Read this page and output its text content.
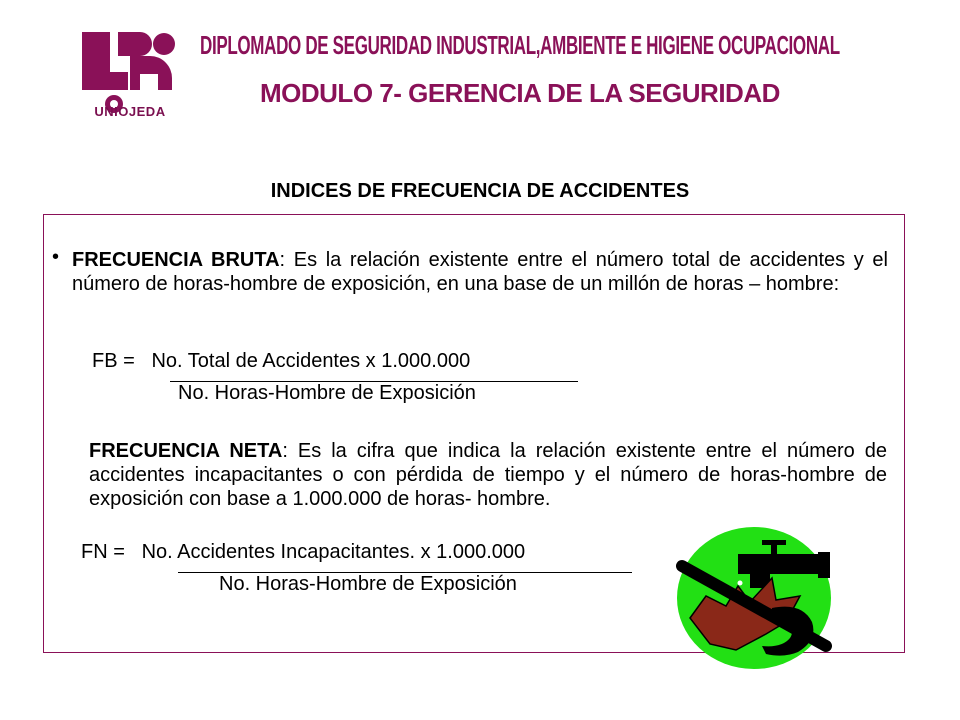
UNIOJEDA
DIPLOMADO DE SEGURIDAD INDUSTRIAL,AMBIENTE E HIGIENE OCUPACIONAL
MODULO 7- GERENCIA DE LA SEGURIDAD
INDICES DE FRECUENCIA DE ACCIDENTES
• FRECUENCIA BRUTA: Es la relación existente entre el número total de accidentes y el número de horas-hombre de exposición, en una base de un millón de horas – hombre:
FB =   No. Total de Accidentes x 1.000.000
No. Horas-Hombre de Exposición
FRECUENCIA NETA: Es la cifra que indica la relación existente entre el número de accidentes incapacitantes o con pérdida de tiempo y el número de horas-hombre de exposición con base a 1.000.000 de horas- hombre.
FN =   No. Accidentes Incapacitantes. x 1.000.000
No. Horas-Hombre de Exposición
